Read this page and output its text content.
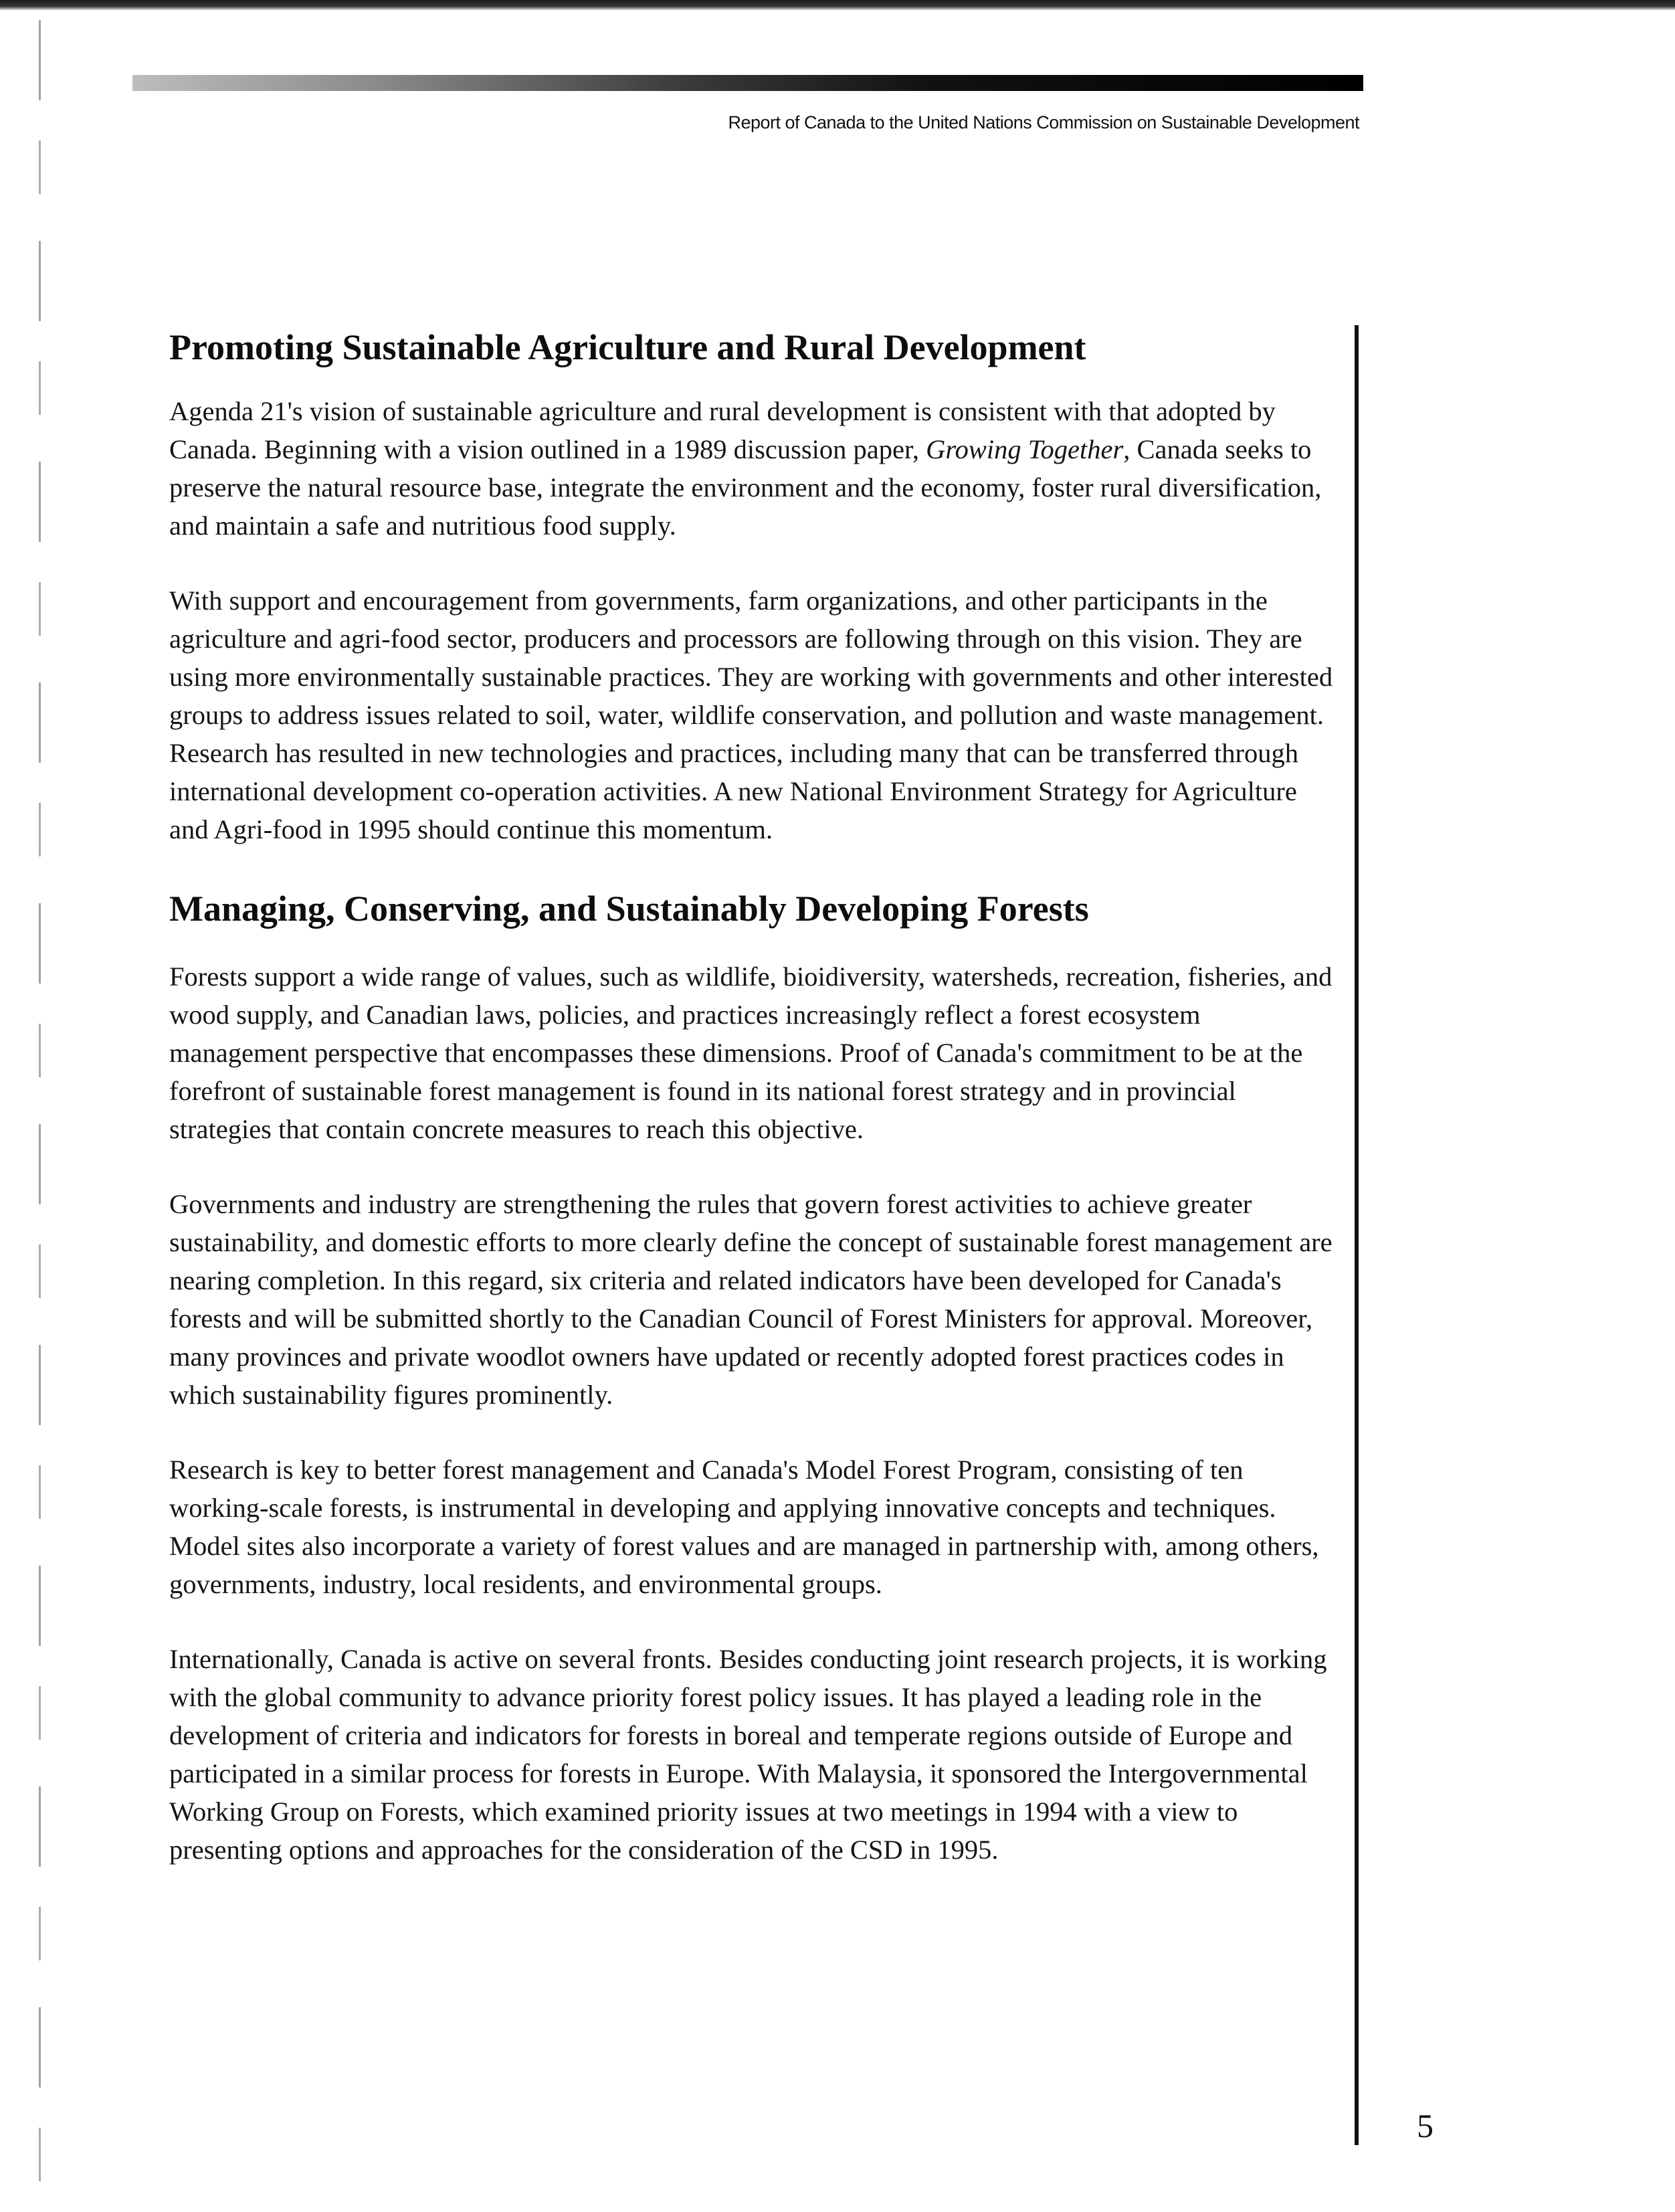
Report of Canada to the United Nations Commission on Sustainable Development
Promoting Sustainable Agriculture and Rural Development

Agenda 21's vision of sustainable agriculture and rural development is consistent with that adopted by Canada. Beginning with a vision outlined in a 1989 discussion paper, Growing Together, Canada seeks to preserve the natural resource base, integrate the environment and the economy, foster rural diversification, and maintain a safe and nutritious food supply.

With support and encouragement from governments, farm organizations, and other participants in the agriculture and agri-food sector, producers and processors are following through on this vision. They are using more environmentally sustainable practices. They are working with governments and other interested groups to address issues related to soil, water, wildlife conservation, and pollution and waste management. Research has resulted in new technologies and practices, including many that can be transferred through international development co-operation activities. A new National Environment Strategy for Agriculture and Agri-food in 1995 should continue this momentum.

Managing, Conserving, and Sustainably Developing Forests

Forests support a wide range of values, such as wildlife, bioidiversity, watersheds, recreation, fisheries, and wood supply, and Canadian laws, policies, and practices increasingly reflect a forest ecosystem management perspective that encompasses these dimensions. Proof of Canada's commitment to be at the forefront of sustainable forest management is found in its national forest strategy and in provincial strategies that contain concrete measures to reach this objective.

Governments and industry are strengthening the rules that govern forest activities to achieve greater sustainability, and domestic efforts to more clearly define the concept of sustainable forest management are nearing completion. In this regard, six criteria and related indicators have been developed for Canada's forests and will be submitted shortly to the Canadian Council of Forest Ministers for approval. Moreover, many provinces and private woodlot owners have updated or recently adopted forest practices codes in which sustainability figures prominently.

Research is key to better forest management and Canada's Model Forest Program, consisting of ten working-scale forests, is instrumental in developing and applying innovative concepts and techniques. Model sites also incorporate a variety of forest values and are managed in partnership with, among others, governments, industry, local residents, and environmental groups.

Internationally, Canada is active on several fronts. Besides conducting joint research projects, it is working with the global community to advance priority forest policy issues. It has played a leading role in the development of criteria and indicators for forests in boreal and temperate regions outside of Europe and participated in a similar process for forests in Europe. With Malaysia, it sponsored the Intergovernmental Working Group on Forests, which examined priority issues at two meetings in 1994 with a view to presenting options and approaches for the consideration of the CSD in 1995.

5
